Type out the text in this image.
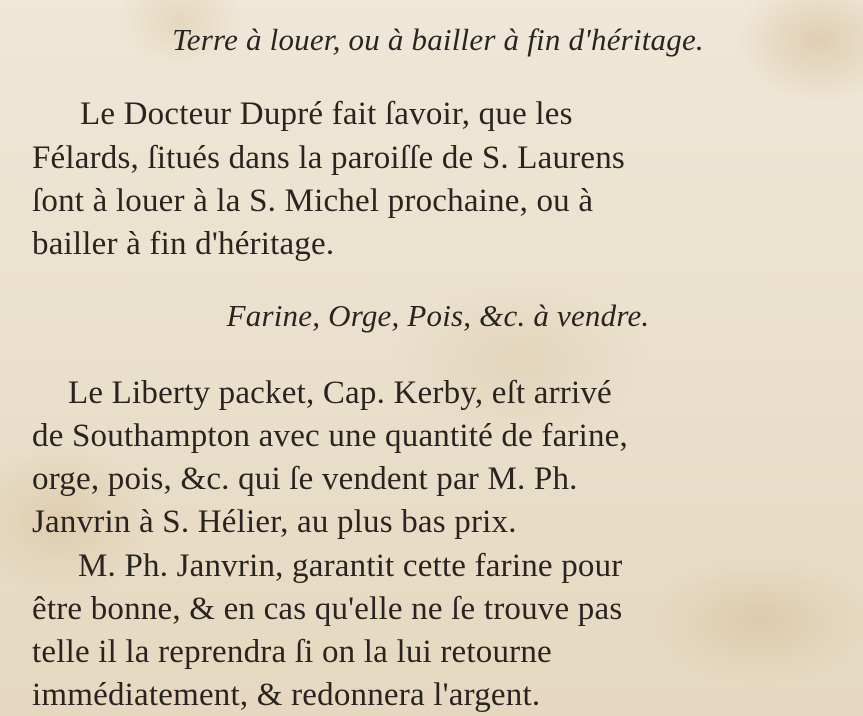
Terre à louer, ou à bailler à fin d'héritage.
Le Docteur Dupré fait ſavoir, que les
Félards, ſitués dans la paroiſſe de S. Laurens
ſont à louer à la S. Michel prochaine, ou à
bailler à fin d'héritage.
Farine, Orge, Pois, &c. à vendre.
Le Liberty packet, Cap. Kerby, eſt arrivé
de Southampton avec une quantité de farine,
orge, pois, &c. qui ſe vendent par M. Ph.
Janvrin à S. Hélier, au plus bas prix.
M. Ph. Janvrin, garantit cette farine pour
être bonne, & en cas qu'elle ne ſe trouve pas
telle il la reprendra ſi on la lui retourne
immédiatement, & redonnera l'argent.
